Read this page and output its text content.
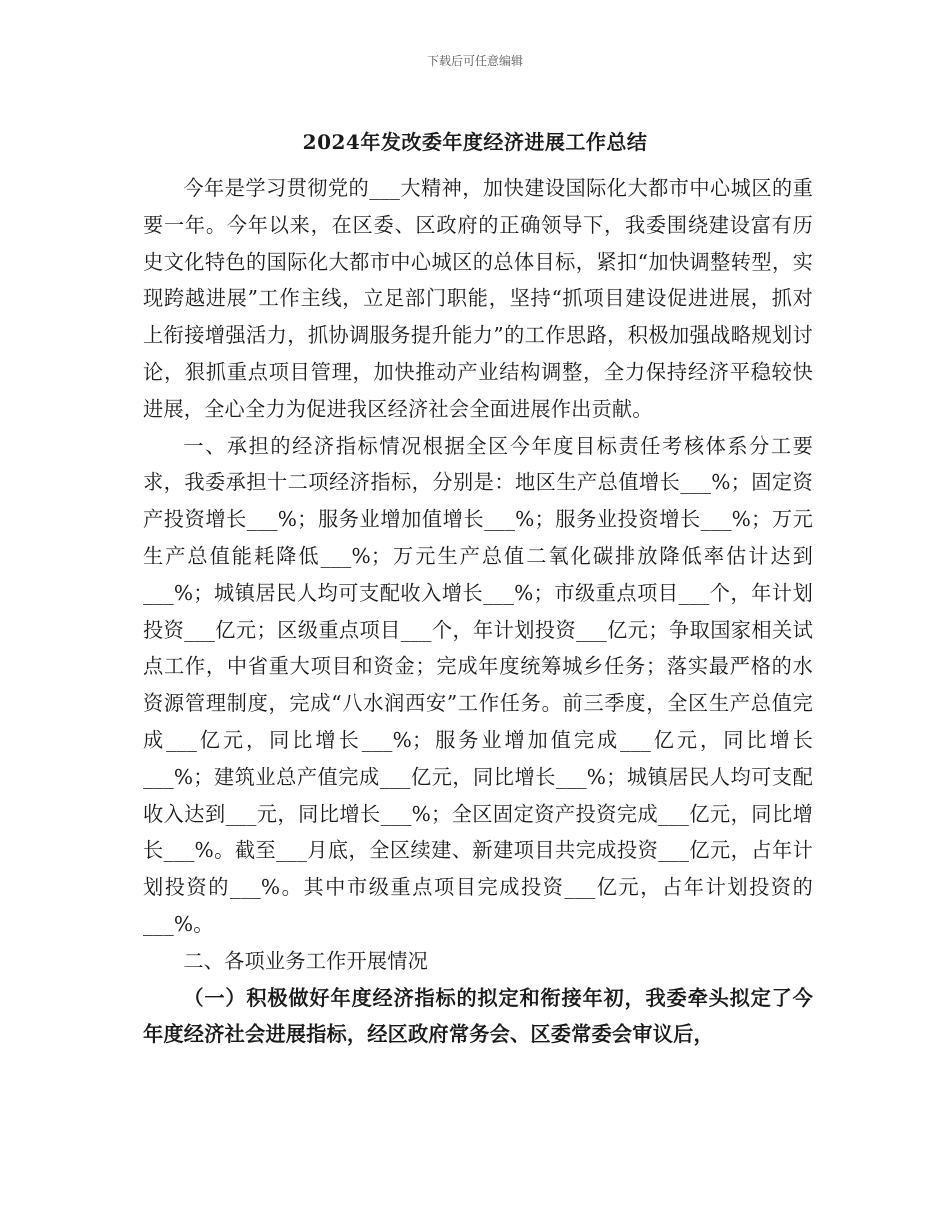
下载后可任意编辑
2024年发改委年度经济进展工作总结

今年是学习贯彻党的___大精神，加快建设国际化大都市中心城区的重要一年。今年以来，在区委、区政府的正确领导下，我委围绕建设富有历史文化特色的国际化大都市中心城区的总体目标，紧扣“加快调整转型，实现跨越进展”工作主线，立足部门职能，坚持“抓项目建设促进进展，抓对上衔接增强活力，抓协调服务提升能力”的工作思路，积极加强战略规划讨论，狠抓重点项目管理，加快推动产业结构调整，全力保持经济平稳较快进展，全心全力为促进我区经济社会全面进展作出贡献。

一、承担的经济指标情况根据全区今年度目标责任考核体系分工要求，我委承担十二项经济指标，分别是：地区生产总值增长___%；固定资产投资增长___%；服务业增加值增长___%；服务业投资增长___%；万元生产总值能耗降低___%；万元生产总值二氧化碳排放降低率估计达到___%；城镇居民人均可支配收入增长___%；市级重点项目___个，年计划投资___亿元；区级重点项目___个，年计划投资___亿元；争取国家相关试点工作，中省重大项目和资金；完成年度统筹城乡任务；落实最严格的水资源管理制度，完成“八水润西安”工作任务。前三季度，全区生产总值完成___亿元，同比增长___%；服务业增加值完成___亿元，同比增长___%；建筑业总产值完成___亿元，同比增长___%；城镇居民人均可支配收入达到___元，同比增长___%；全区固定资产投资完成___亿元，同比增长___%。截至___月底，全区续建、新建项目共完成投资___亿元，占年计划投资的___%。其中市级重点项目完成投资___亿元，占年计划投资的___%。

二、各项业务工作开展情况

（一）积极做好年度经济指标的拟定和衔接年初，我委牵头拟定了今年度经济社会进展指标，经区政府常务会、区委常委会审议后，
